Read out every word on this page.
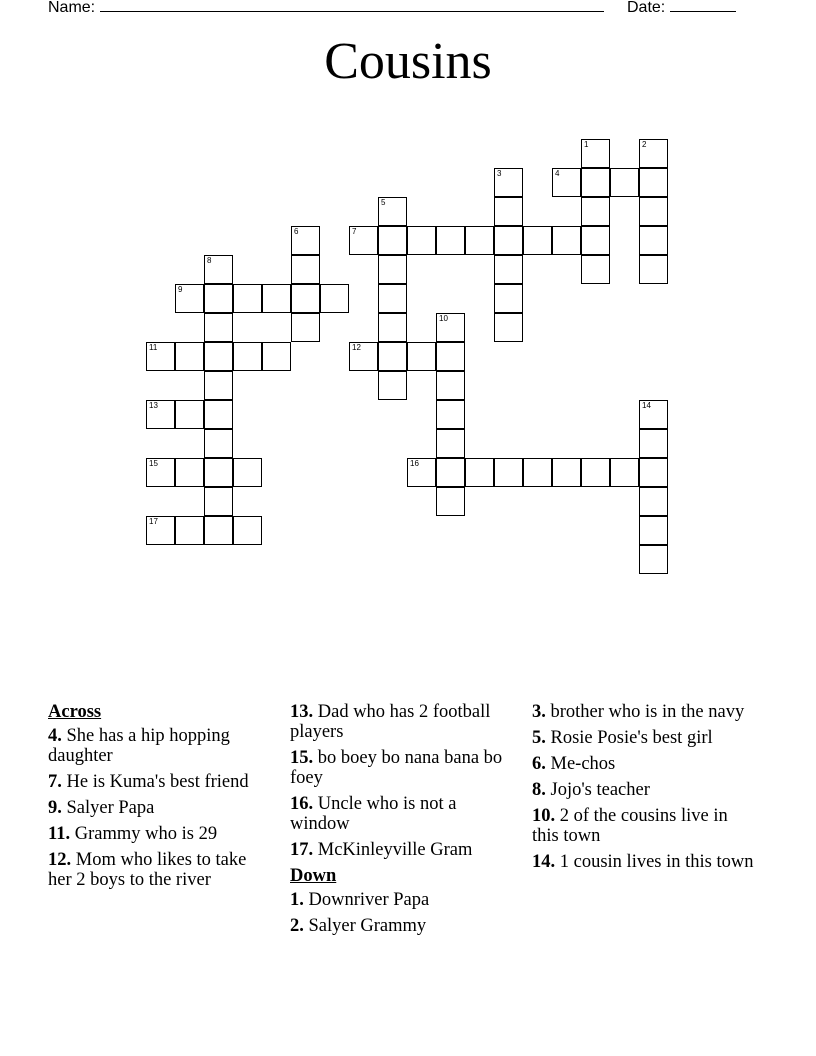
Name:	Date:
Cousins
1	2
3	4
5
6	7
8
9
10
11	12
13	14
15	16
17
Across
4. She has a hip hopping daughter
7. He is Kuma's best friend
9. Salyer Papa
11. Grammy who is 29
12. Mom who likes to take her 2 boys to the river
13. Dad who has 2 football players
15. bo boey bo nana bana bo foey
16. Uncle who is not a window
17. McKinleyville Gram
Down
1. Downriver Papa
2. Salyer Grammy
3. brother who is in the navy
5. Rosie Posie's best girl
6. Me-chos
8. Jojo's teacher
10. 2 of the cousins live in this town
14. 1 cousin lives in this town
